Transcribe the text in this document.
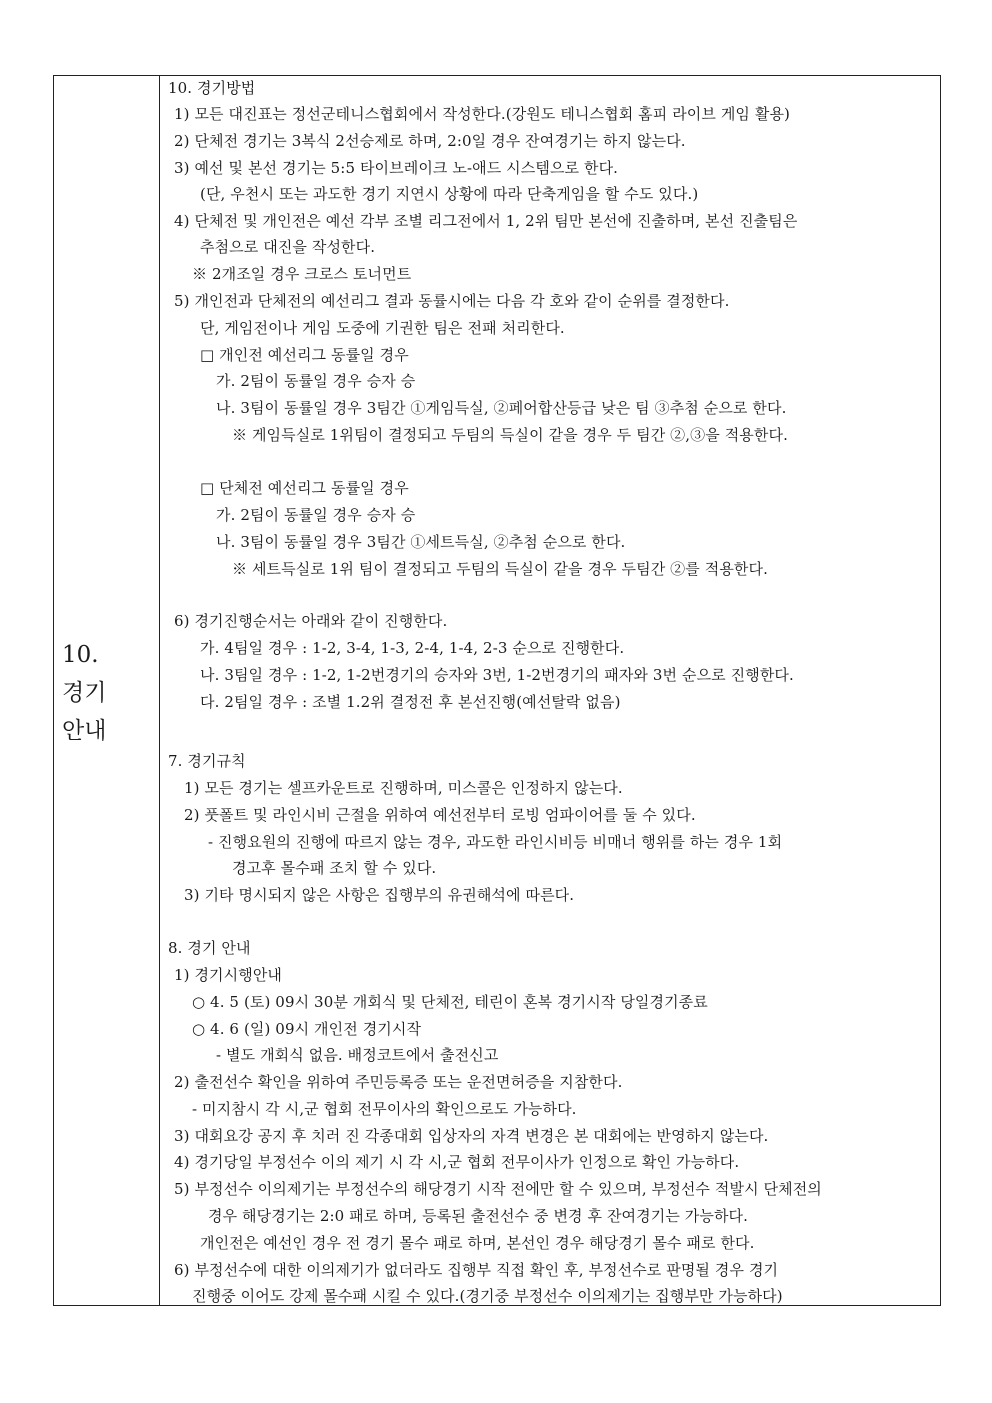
10.
경기
안내
10. 경기방법
1) 모든 대진표는 정선군테니스협회에서 작성한다.(강원도 테니스협회 홈피 라이브 게임 활용)
2) 단체전 경기는 3복식 2선승제로 하며, 2:0일 경우 잔여경기는 하지 않는다.
3) 예선 및 본선 경기는 5:5 타이브레이크 노-애드 시스템으로 한다.
(단, 우천시 또는 과도한 경기 지연시 상황에 따라 단축게임을 할 수도 있다.)
4) 단체전 및 개인전은 예선 각부 조별 리그전에서 1, 2위 팀만 본선에 진출하며, 본선 진출팀은
추첨으로 대진을 작성한다.
※ 2개조일 경우 크로스 토너먼트
5) 개인전과 단체전의 예선리그 결과 동률시에는 다음 각 호와 같이 순위를 결정한다.
단, 게임전이나 게임 도중에 기권한 팀은 전패 처리한다.
□ 개인전 예선리그 동률일 경우
가. 2팀이 동률일 경우 승자 승
나. 3팀이 동률일 경우 3팀간 ①게임득실, ②페어합산등급 낮은 팀 ③추첨 순으로 한다.
※ 게임득실로 1위팀이 결정되고 두팀의 득실이 같을 경우 두 팀간 ②,③을 적용한다.
□ 단체전 예선리그 동률일 경우
가. 2팀이 동률일 경우 승자 승
나. 3팀이 동률일 경우 3팀간 ①세트득실, ②추첨 순으로 한다.
※ 세트득실로 1위 팀이 결정되고 두팀의 득실이 같을 경우 두팀간 ②를 적용한다.
6) 경기진행순서는 아래와 같이 진행한다.
가. 4팀일 경우 : 1-2, 3-4, 1-3, 2-4, 1-4, 2-3 순으로 진행한다.
나. 3팀일 경우 : 1-2, 1-2번경기의 승자와 3번, 1-2번경기의 패자와 3번 순으로 진행한다.
다. 2팀일 경우 : 조별 1.2위 결정전 후 본선진행(예선탈락 없음)
7. 경기규칙
1) 모든 경기는 셀프카운트로 진행하며, 미스콜은 인정하지 않는다.
2) 풋폴트 및 라인시비 근절을 위하여 예선전부터 로빙 엄파이어를 둘 수 있다.
- 진행요원의 진행에 따르지 않는 경우, 과도한 라인시비등 비매너 행위를 하는 경우 1회
경고후 몰수패 조치 할 수 있다.
3) 기타 명시되지 않은 사항은 집행부의 유권해석에 따른다.
8. 경기 안내
1) 경기시행안내
○ 4. 5 (토) 09시 30분 개회식 및 단체전, 테린이 혼복 경기시작 당일경기종료
○ 4. 6 (일) 09시 개인전 경기시작
- 별도 개회식 없음. 배정코트에서 출전신고
2) 출전선수 확인을 위하여 주민등록증 또는 운전면허증을 지참한다.
- 미지참시 각 시,군 협회 전무이사의 확인으로도 가능하다.
3) 대회요강 공지 후 치러 진 각종대회 입상자의 자격 변경은 본 대회에는 반영하지 않는다.
4) 경기당일 부정선수 이의 제기 시 각 시,군 협회 전무이사가 인정으로 확인 가능하다.
5) 부정선수 이의제기는 부정선수의 해당경기 시작 전에만 할 수 있으며, 부정선수 적발시 단체전의
경우 해당경기는 2:0 패로 하며, 등록된 출전선수 중 변경 후 잔여경기는 가능하다.
개인전은 예선인 경우 전 경기 몰수 패로 하며, 본선인 경우 해당경기 몰수 패로 한다.
6) 부정선수에 대한 이의제기가 없더라도 집행부 직접 확인 후, 부정선수로 판명될 경우 경기
진행중 이어도 강제 몰수패 시킬 수 있다.(경기중 부정선수 이의제기는 집행부만 가능하다)
